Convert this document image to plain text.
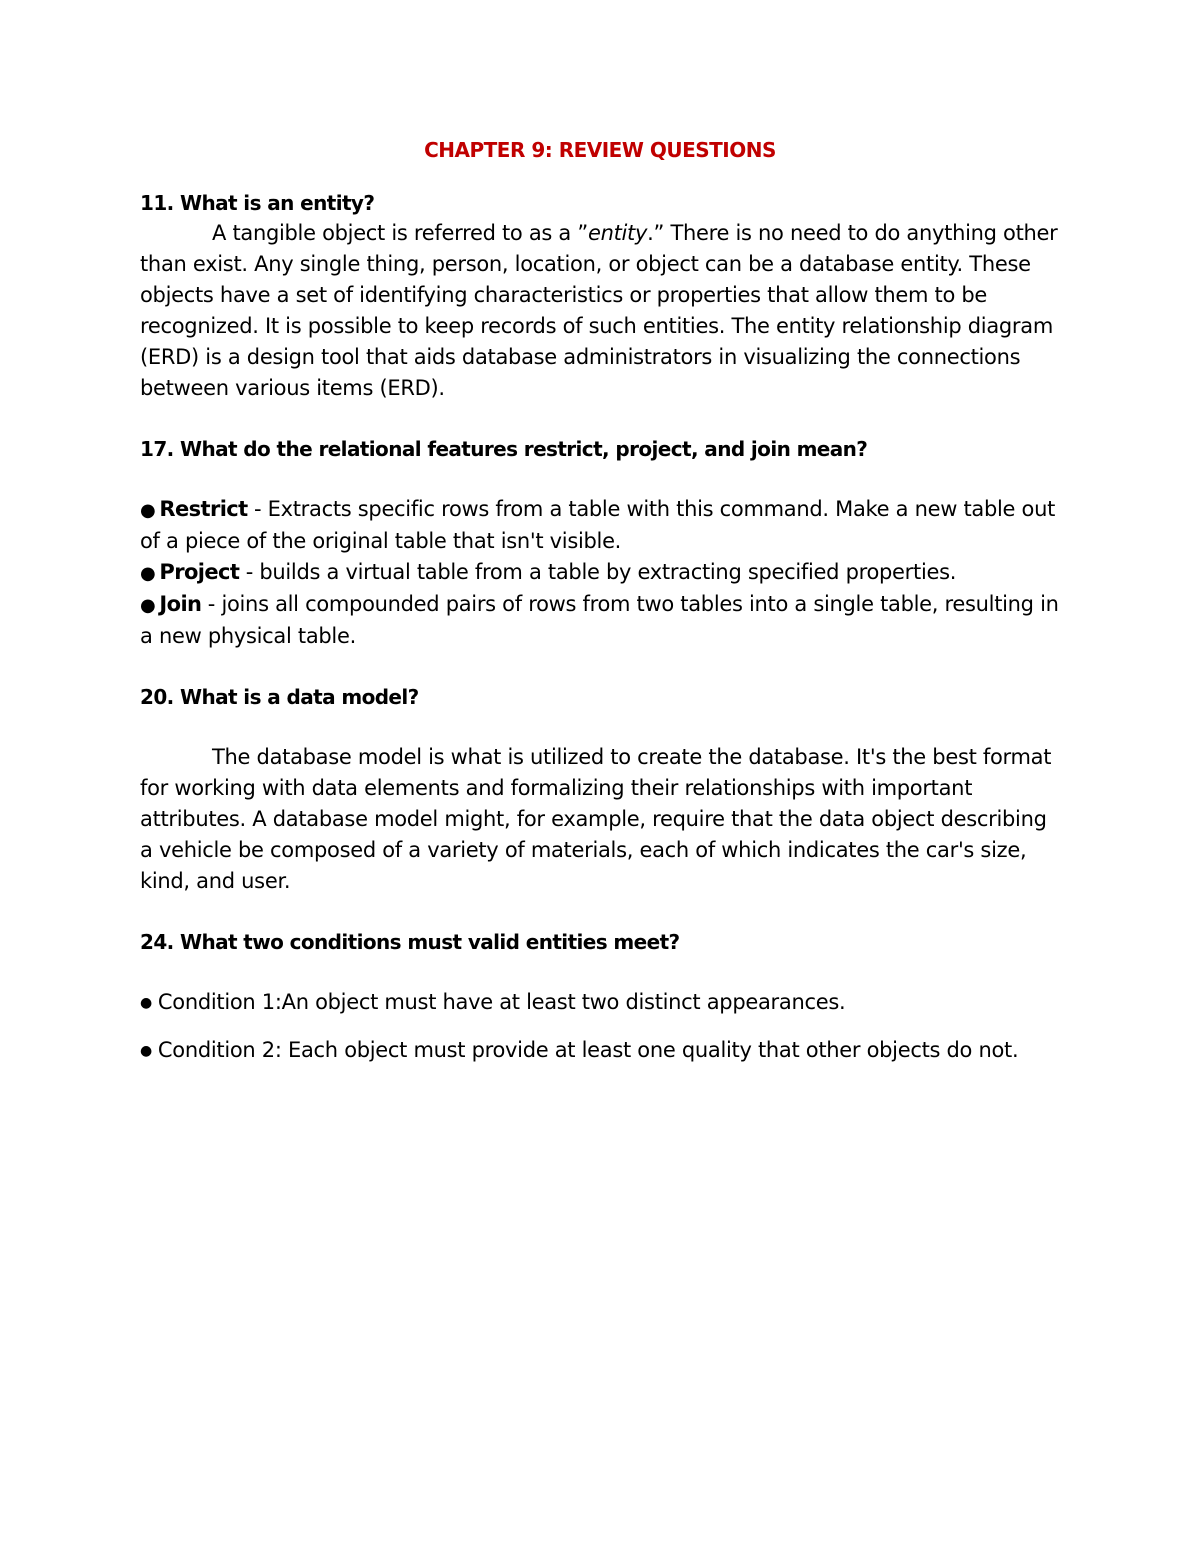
CHAPTER 9: REVIEW QUESTIONS

11. What is an entity?

A tangible object is referred to as a ”entity.” There is no need to do anything other than exist. Any single thing, person, location, or object can be a database entity. These objects have a set of identifying characteristics or properties that allow them to be recognized. It is possible to keep records of such entities. The entity relationship diagram (ERD) is a design tool that aids database administrators in visualizing the connections between various items (ERD).

17. What do the relational features restrict, project, and join mean?

● Restrict - Extracts specific rows from a table with this command. Make a new table out of a piece of the original table that isn't visible.

● Project - builds a virtual table from a table by extracting specified properties.

● Join - joins all compounded pairs of rows from two tables into a single table, resulting in a new physical table.

20. What is a data model?

The database model is what is utilized to create the database. It's the best format for working with data elements and formalizing their relationships with important attributes. A database model might, for example, require that the data object describing a vehicle be composed of a variety of materials, each of which indicates the car's size, kind, and user.

24. What two conditions must valid entities meet?

● Condition 1:An object must have at least two distinct appearances.

● Condition 2: Each object must provide at least one quality that other objects do not.
